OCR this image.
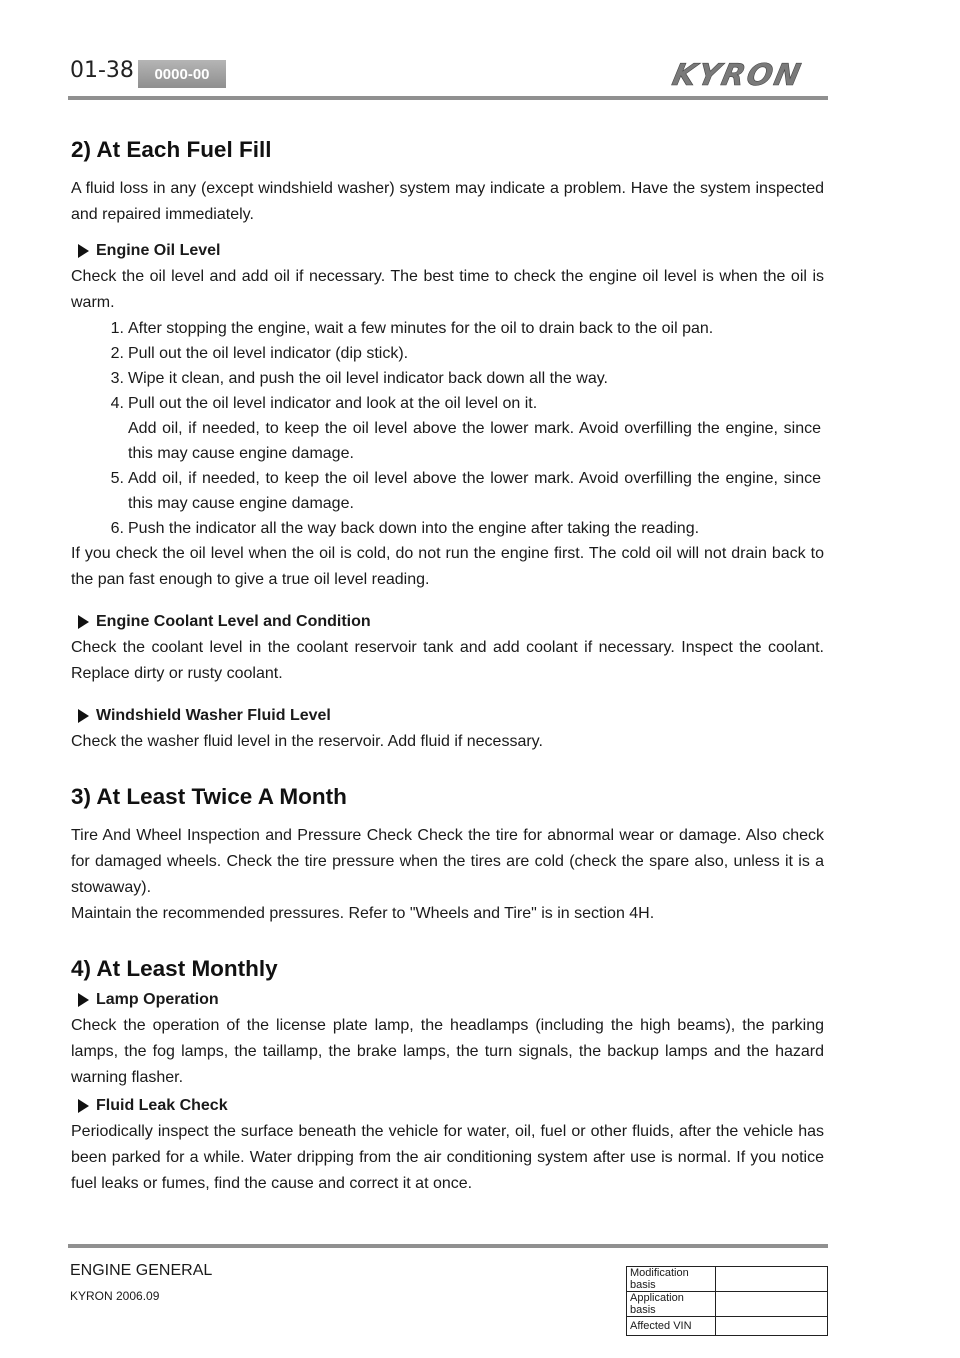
01-38	0000-00	KYRON
2) At Each Fuel Fill

A fluid loss in any (except windshield washer) system may indicate a problem. Have the system inspected and repaired immediately.

Engine Oil Level

Check the oil level and add oil if necessary. The best time to check the engine oil level is when the oil is warm.

1. After stopping the engine, wait a few minutes for the oil to drain back to the oil pan.
2. Pull out the oil level indicator (dip stick).
3. Wipe it clean, and push the oil level indicator back down all the way.
4. Pull out the oil level indicator and look at the oil level on it.
Add oil, if needed, to keep the oil level above the lower mark. Avoid overfilling the engine, since this may cause engine damage.
5. Add oil, if needed, to keep the oil level above the lower mark. Avoid overfilling the engine, since this may cause engine damage.
6. Push the indicator all the way back down into the engine after taking the reading.

If you check the oil level when the oil is cold, do not run the engine first. The cold oil will not drain back to the pan fast enough to give a true oil level reading.

Engine Coolant Level and Condition

Check the coolant level in the coolant reservoir tank and add coolant if necessary. Inspect the coolant. Replace dirty or rusty coolant.

Windshield Washer Fluid Level

Check the washer fluid level in the reservoir. Add fluid if necessary.

3) At Least Twice A Month

Tire And Wheel Inspection and Pressure Check Check the tire for abnormal wear or damage. Also check for damaged wheels. Check the tire pressure when the tires are cold (check the spare also, unless it is a stowaway).

Maintain the recommended pressures. Refer to "Wheels and Tire" is in section 4H.

4) At Least Monthly
Lamp Operation

Check the operation of the license plate lamp, the headlamps (including the high beams), the parking lamps, the fog lamps, the taillamp, the brake lamps, the turn signals, the backup lamps and the hazard warning flasher.

Fluid Leak Check

Periodically inspect the surface beneath the vehicle for water, oil, fuel or other fluids, after the vehicle has been parked for a while. Water dripping from the air conditioning system after use is normal. If you notice fuel leaks or fumes, find the cause and correct it at once.

ENGINE GENERAL
KYRON 2006.09
Modification basis	
Application basis	
Affected VIN	
